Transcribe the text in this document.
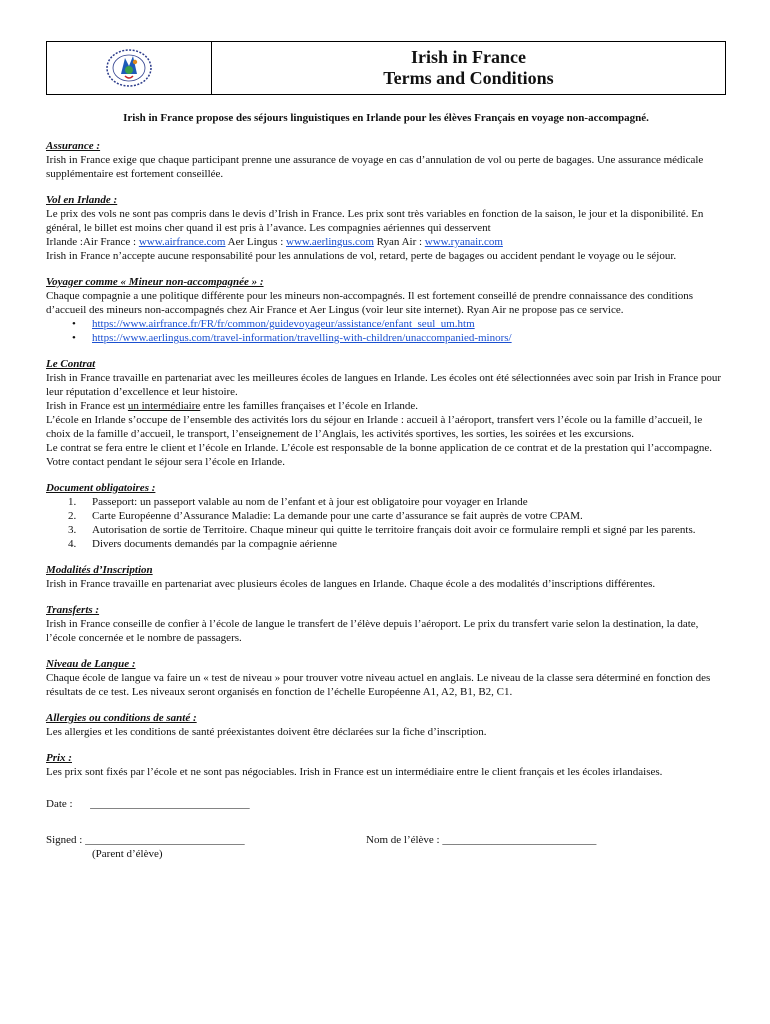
Irish in France
Terms and Conditions
Irish in France propose des séjours linguistiques en Irlande pour les élèves Français en voyage non-accompagné.
Assurance :

Irish in France exige que chaque participant prenne une assurance de voyage en cas d’annulation de vol ou perte de bagages. Une assurance médicale supplémentaire est fortement conseillée.

Vol en Irlande :

Le prix des vols ne sont pas compris dans le devis d’Irish in France. Les prix sont très variables en fonction de la saison, le jour et la disponibilité. En général, le billet est moins cher quand il est pris à l’avance. Les compagnies aériennes qui desservent
Irlande :Air France : www.airfrance.com Aer Lingus : www.aerlingus.com Ryan Air : www.ryanair.com
Irish in France n’accepte aucune responsabilité pour les annulations de vol, retard, perte de bagages ou accident pendant le voyage ou le séjour.

Voyager comme « Mineur non-accompagnée » :

Chaque compagnie a une politique différente pour les mineurs non-accompagnés. Il est fortement conseillé de prendre connaissance des conditions d’accueil des mineurs non-accompagnés chez Air France et Aer Lingus (voir leur site internet). Ryan Air ne propose pas ce service.

• https://www.airfrance.fr/FR/fr/common/guidevoyageur/assistance/enfant_seul_um.htm
• https://www.aerlingus.com/travel-information/travelling-with-children/unaccompanied-minors/
Le Contrat

Irish in France travaille en partenariat avec les meilleures écoles de langues en Irlande. Les écoles ont été sélectionnées avec soin par Irish in France pour leur réputation d’excellence et leur histoire.

Irish in France est un intermédiaire entre les familles françaises et l’école en Irlande.

L’école en Irlande s’occupe de l’ensemble des activités lors du séjour en Irlande : accueil à l’aéroport, transfert vers l’école ou la famille d’accueil, le choix de la famille d’accueil, le transport, l’enseignement de l’Anglais, les activités sportives, les sorties, les soirées et les excursions.

Le contrat se fera entre le client et l’école en Irlande. L’école est responsable de la bonne application de ce contrat et de la prestation qui l’accompagne. Votre contact pendant le séjour sera l’école en Irlande.

Document obligatoires :
1. Passeport: un passeport valable au nom de l’enfant et à jour est obligatoire pour voyager en Irlande
2. Carte Européenne d’Assurance Maladie: La demande pour une carte d’assurance se fait auprès de votre CPAM.
3. Autorisation de sortie de Territoire. Chaque mineur qui quitte le territoire français doit avoir ce formulaire rempli et signé par les parents.
4. Divers documents demandés par la compagnie aérienne
Modalités d’Inscription

Irish in France travaille en partenariat avec plusieurs écoles de langues en Irlande. Chaque école a des modalités d’inscriptions différentes.

Transferts :

Irish in France conseille de confier à l’école de langue le transfert de l’élève depuis l’aéroport. Le prix du transfert varie selon la destination, la date, l’école concernée et le nombre de passagers.

Niveau de Langue :

Chaque école de langue va faire un « test de niveau » pour trouver votre niveau actuel en anglais. Le niveau de la classe sera déterminé en fonction des résultats de ce test. Les niveaux seront organisés en fonction de l’échelle Européenne A1, A2, B1, B2, C1.

Allergies ou conditions de santé :

Les allergies et les conditions de santé préexistantes doivent être déclarées sur la fiche d’inscription.

Prix :

Les prix sont fixés par l’école et ne sont pas négociables. Irish in France est un intermédiaire entre le client français et les écoles irlandaises.

Date : _____________________________
Signed : _____________________________
(Parent d’élève)
Nom de l’élève : ____________________________
